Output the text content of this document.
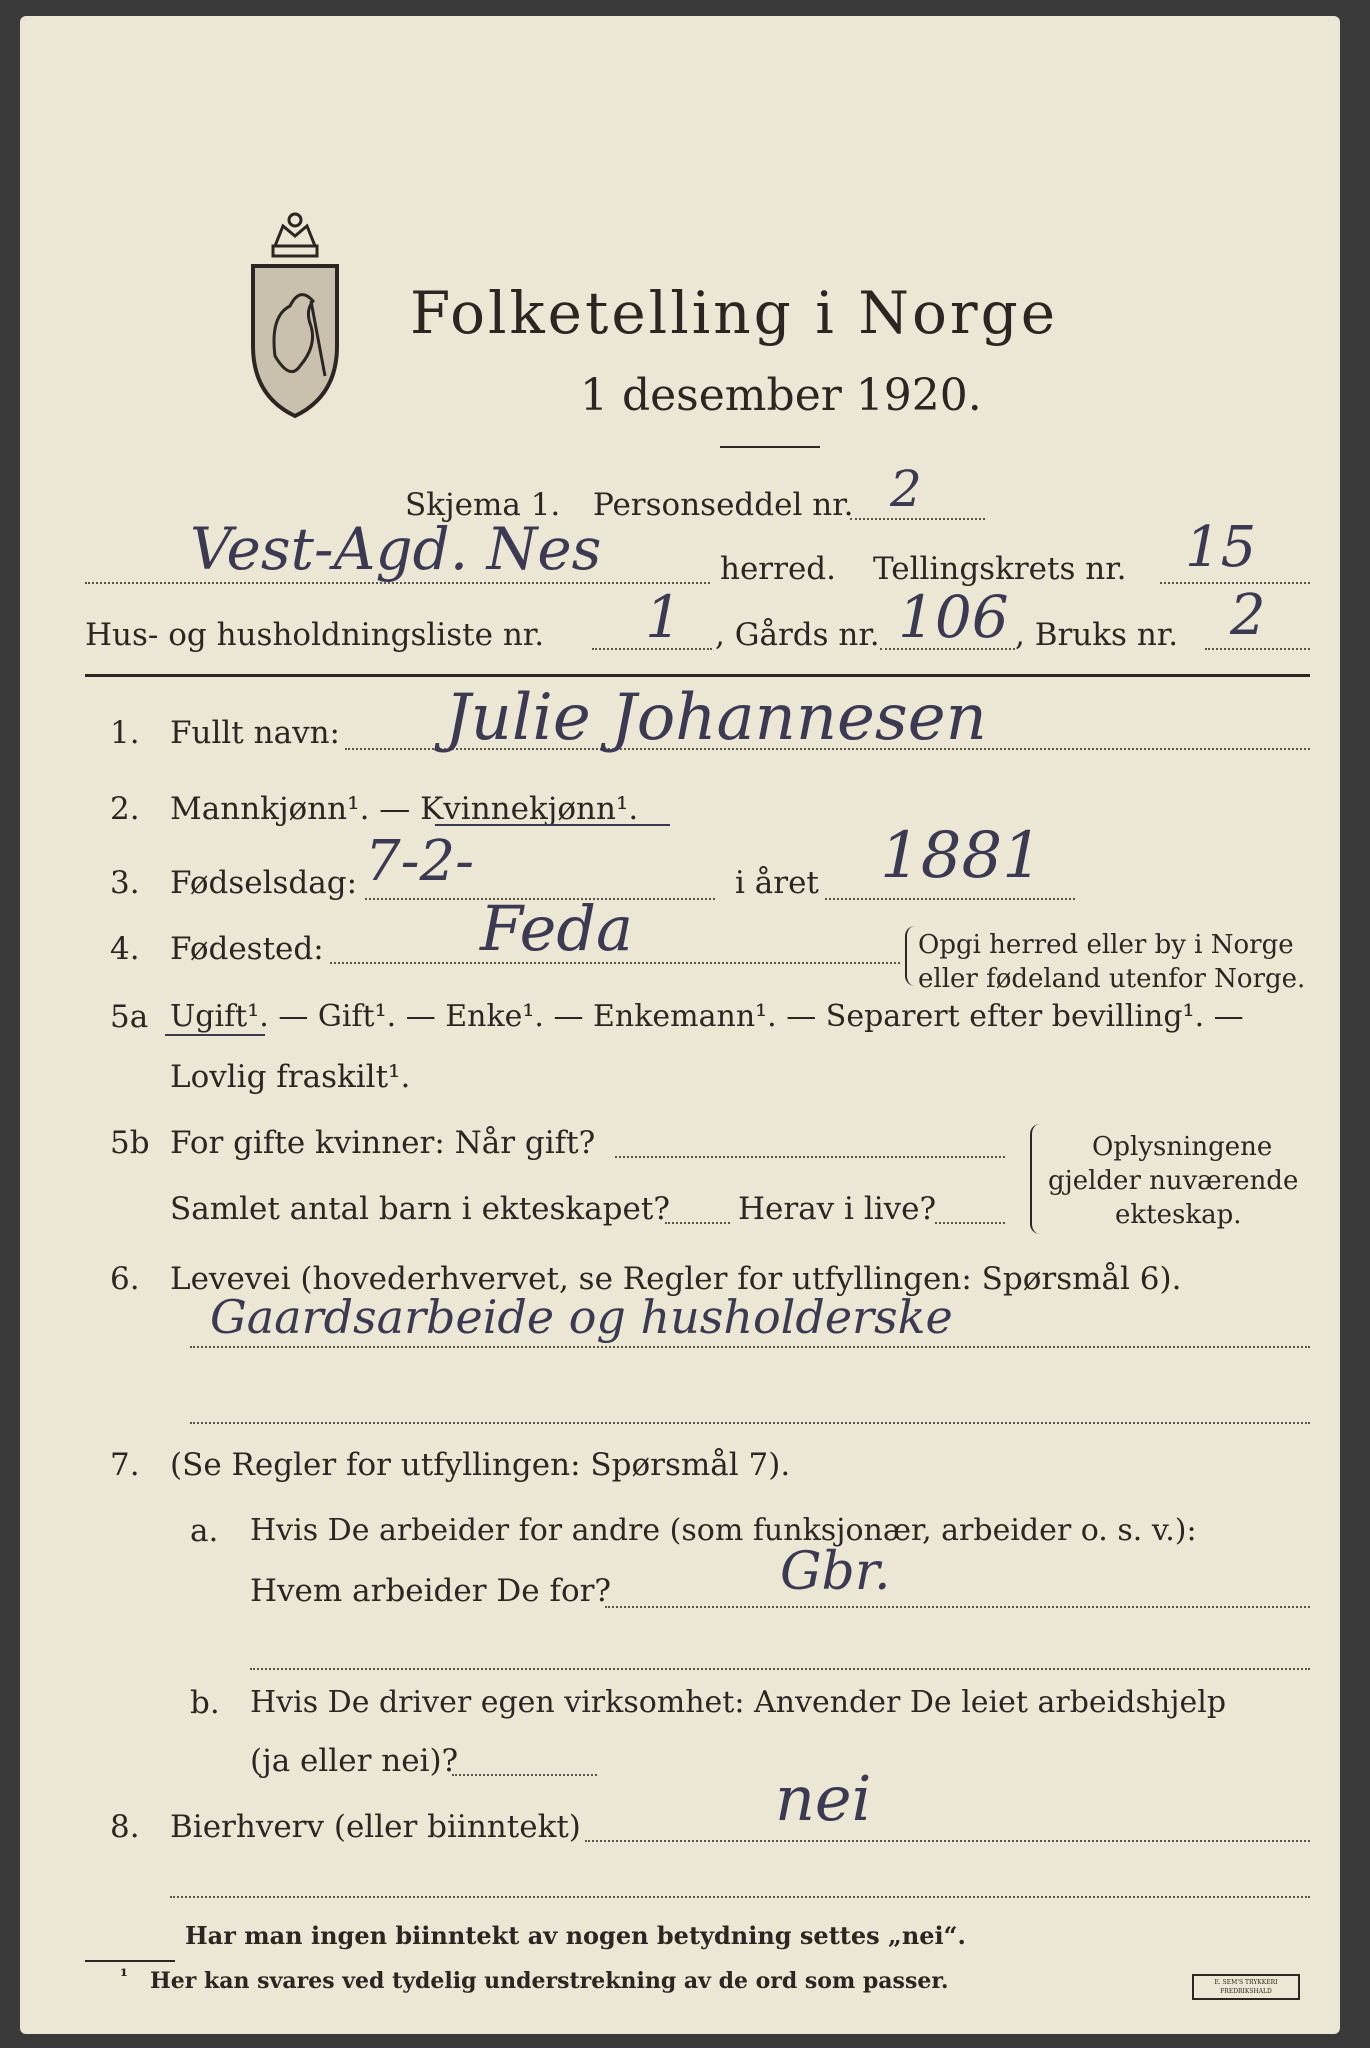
Folketelling i Norge
1 desember 1920.
Skjema 1. Personseddel nr. 2
Vest-Agd. Nes	herred. Tellingskrets nr. 15
Hus- og husholdningsliste nr. 1 , Gårds nr. 106 , Bruks nr. 2
1. Fullt navn: Julie Johannesen
2. Mannkjønn¹. — Kvinnekjønn¹.
3. Fødselsdag: 7-2-	i året 1881
4. Fødested:	Feda	Opgi herred eller by i Norge
eller fødeland utenfor Norge.
5a Ugift¹. — Gift¹. — Enke¹. — Enkemann¹. — Separert efter bevilling¹. —
Lovlig fraskilt¹.
5b For gifte kvinner: Når gift?
Samlet antal barn i ekteskapet? Herav i live?
Oplysningene
gjelder nuværende
ekteskap.
6. Levevei (hovederhvervet, se Regler for utfyllingen: Spørsmål 6).
Gaardsarbeide og husholderske
7. (Se Regler for utfyllingen: Spørsmål 7).
a. Hvis De arbeider for andre (som funksjonær, arbeider o. s. v.):
Hvem arbeider De for?	Gbr.
b. Hvis De driver egen virksomhet: Anvender De leiet arbeidshjelp
(ja eller nei)?
8. Bierhverv (eller biinntekt)	nei
Har man ingen biinntekt av nogen betydning settes „nei“.
¹ Her kan svares ved tydelig understrekning av de ord som passer.	E. SEM'S TRYKKERI FREDRIKSHALD
